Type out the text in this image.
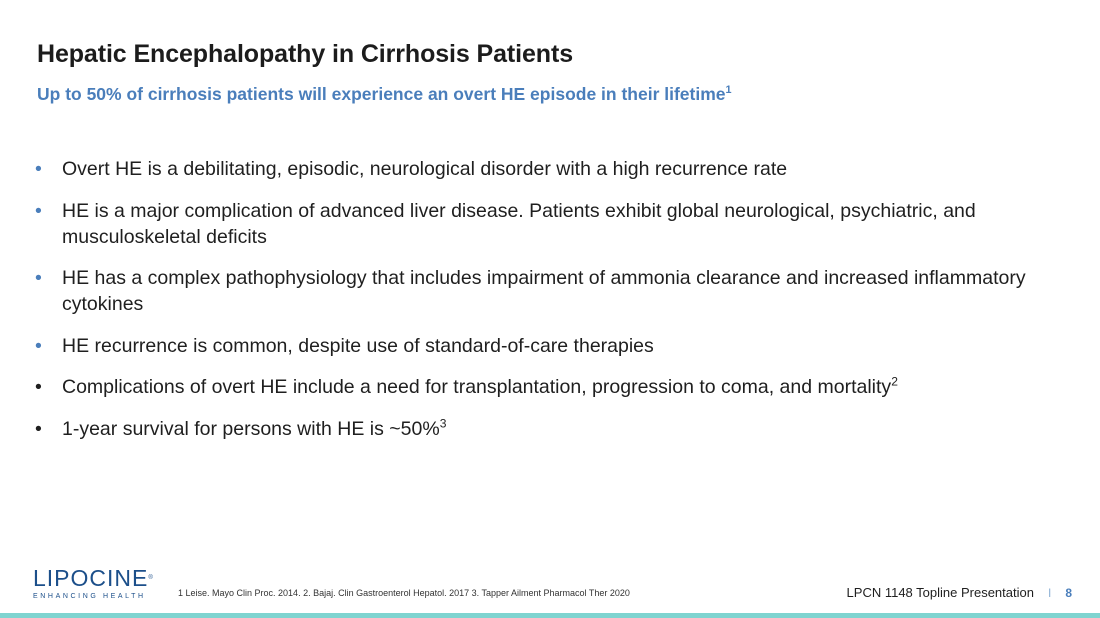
Hepatic Encephalopathy in Cirrhosis Patients

Up to 50% of cirrhosis patients will experience an overt HE episode in their lifetime$^1$

•	Overt HE is a debilitating, episodic, neurological disorder with a high recurrence rate
•	HE is a major complication of advanced liver disease. Patients exhibit global neurological, psychiatric, and musculoskeletal deficits
•	HE has a complex pathophysiology that includes impairment of ammonia clearance and increased inflammatory cytokines
•	HE recurrence is common, despite use of standard-of-care therapies
•	Complications of overt HE include a need for transplantation, progression to coma, and mortality$^2$
•	1-year survival for persons with HE is ~50%$^3$
LIPOCINE®
ENHANCING HEALTH	1 Leise. Mayo Clin Proc. 2014. 2. Bajaj. Clin Gastroenterol Hepatol. 2017 3. Tapper Ailment Pharmacol Ther 2020	LPCN 1148 Topline Presentation I 8
